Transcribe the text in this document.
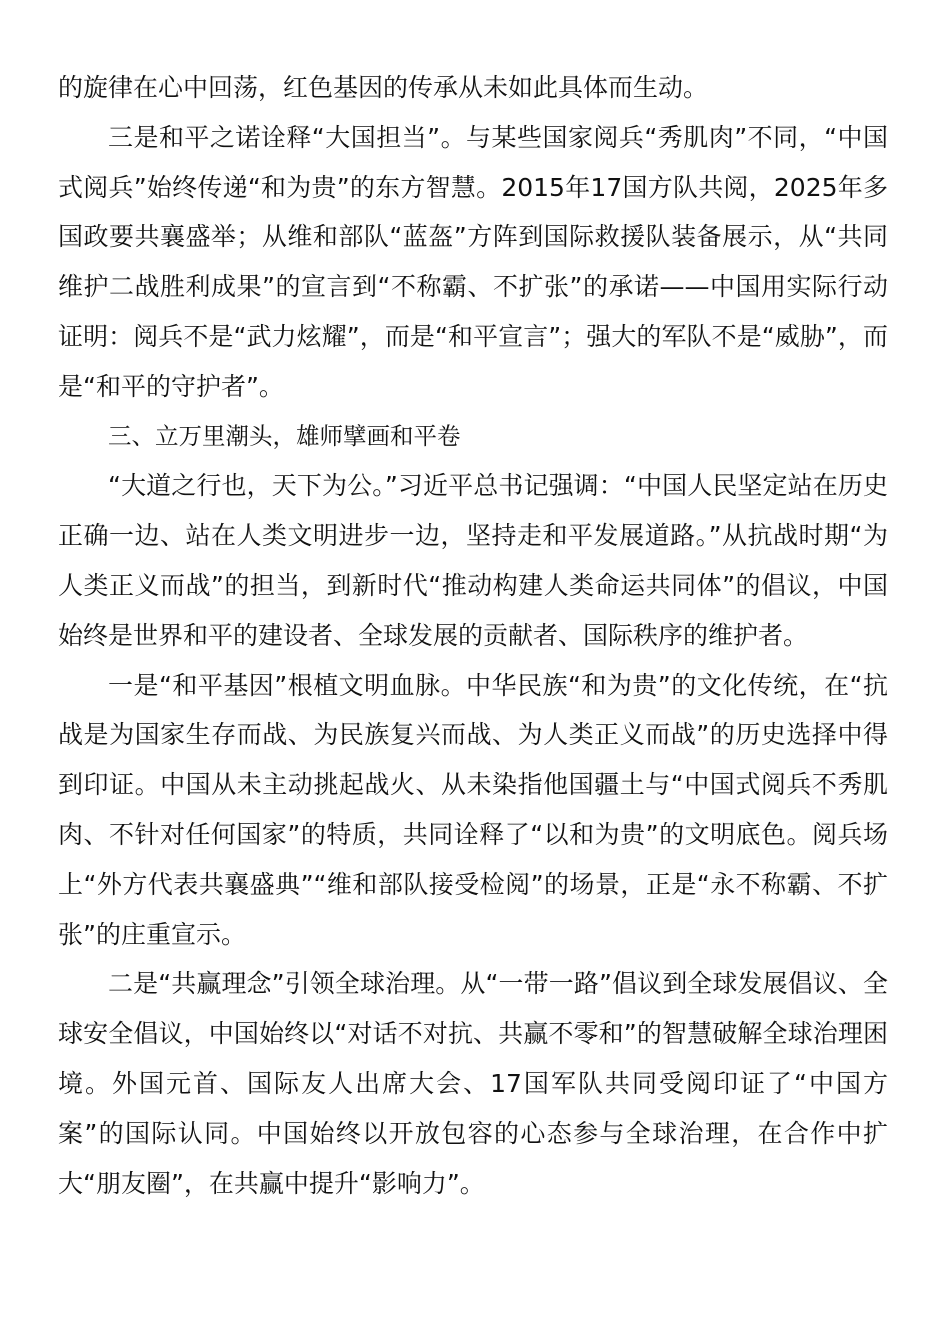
的旋律在心中回荡，红色基因的传承从未如此具体而生动。

三是和平之诺诠释“大国担当”。与某些国家阅兵“秀肌肉”不同，“中国式阅兵”始终传递“和为贵”的东方智慧。2015年17国方队共阅，2025年多国政要共襄盛举；从维和部队“蓝盔”方阵到国际救援队装备展示，从“共同维护二战胜利成果”的宣言到“不称霸、不扩张”的承诺——中国用实际行动证明：阅兵不是“武力炫耀”，而是“和平宣言”；强大的军队不是“威胁”，而是“和平的守护者”。

三、立万里潮头，雄师擘画和平卷

“大道之行也，天下为公。”习近平总书记强调：“中国人民坚定站在历史正确一边、站在人类文明进步一边，坚持走和平发展道路。”从抗战时期“为人类正义而战”的担当，到新时代“推动构建人类命运共同体”的倡议，中国始终是世界和平的建设者、全球发展的贡献者、国际秩序的维护者。

一是“和平基因”根植文明血脉。中华民族“和为贵”的文化传统，在“抗战是为国家生存而战、为民族复兴而战、为人类正义而战”的历史选择中得到印证。中国从未主动挑起战火、从未染指他国疆土与“中国式阅兵不秀肌肉、不针对任何国家”的特质，共同诠释了“以和为贵”的文明底色。阅兵场上“外方代表共襄盛典”“维和部队接受检阅”的场景，正是“永不称霸、不扩张”的庄重宣示。

二是“共赢理念”引领全球治理。从“一带一路”倡议到全球发展倡议、全球安全倡议，中国始终以“对话不对抗、共赢不零和”的智慧破解全球治理困境。外国元首、国际友人出席大会、17国军队共同受阅印证了“中国方案”的国际认同。中国始终以开放包容的心态参与全球治理，在合作中扩大“朋友圈”，在共赢中提升“影响力”。
